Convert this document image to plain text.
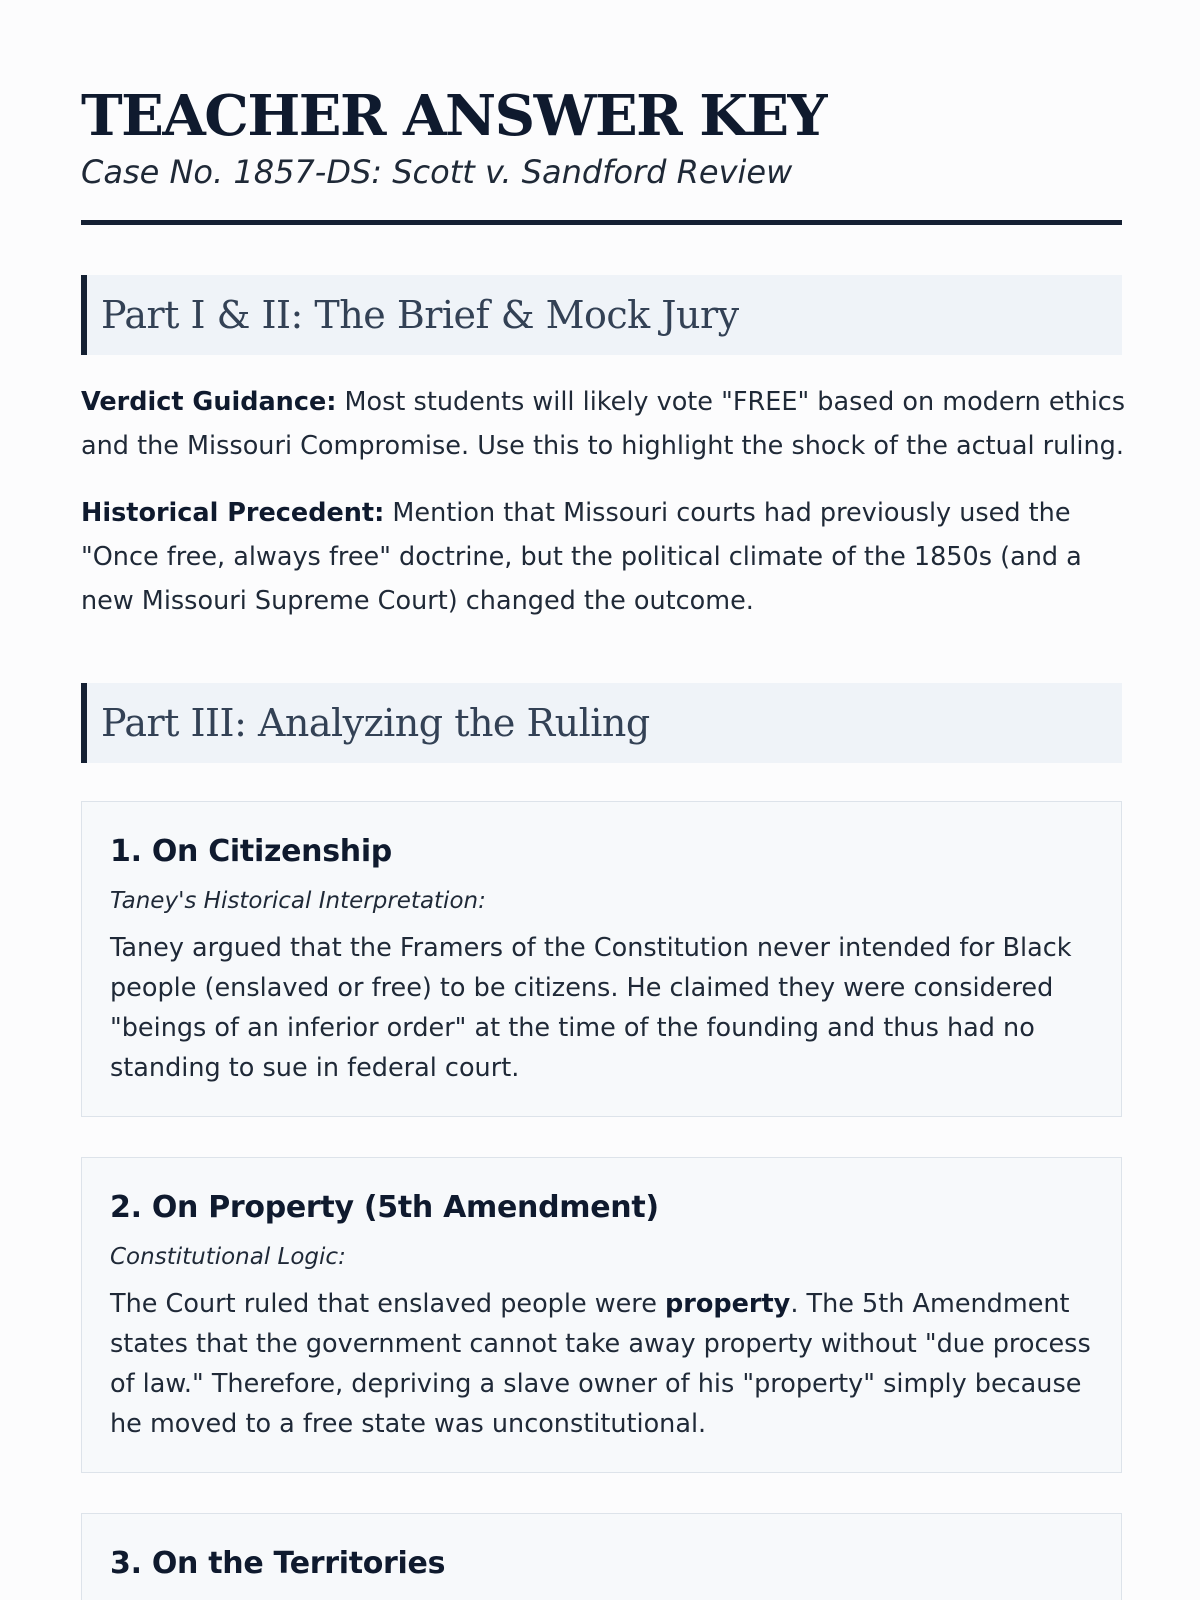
TEACHER ANSWER KEY

Case No. 1857-DS: Scott v. Sandford Review

Part I & II: The Brief & Mock Jury

Verdict Guidance: Most students will likely vote "FREE" based on modern ethics and the Missouri Compromise. Use this to highlight the shock of the actual ruling.

Historical Precedent: Mention that Missouri courts had previously used the "Once free, always free" doctrine, but the political climate of the 1850s (and a new Missouri Supreme Court) changed the outcome.

Part III: Analyzing the Ruling
1. On Citizenship

Taney's Historical Interpretation:

Taney argued that the Framers of the Constitution never intended for Black people (enslaved or free) to be citizens. He claimed they were considered "beings of an inferior order" at the time of the founding and thus had no standing to sue in federal court.

2. On Property (5th Amendment)

Constitutional Logic:

The Court ruled that enslaved people were property. The 5th Amendment states that the government cannot take away property without "due process of law." Therefore, depriving a slave owner of his "property" simply because he moved to a free state was unconstitutional.

3. On the Territories
